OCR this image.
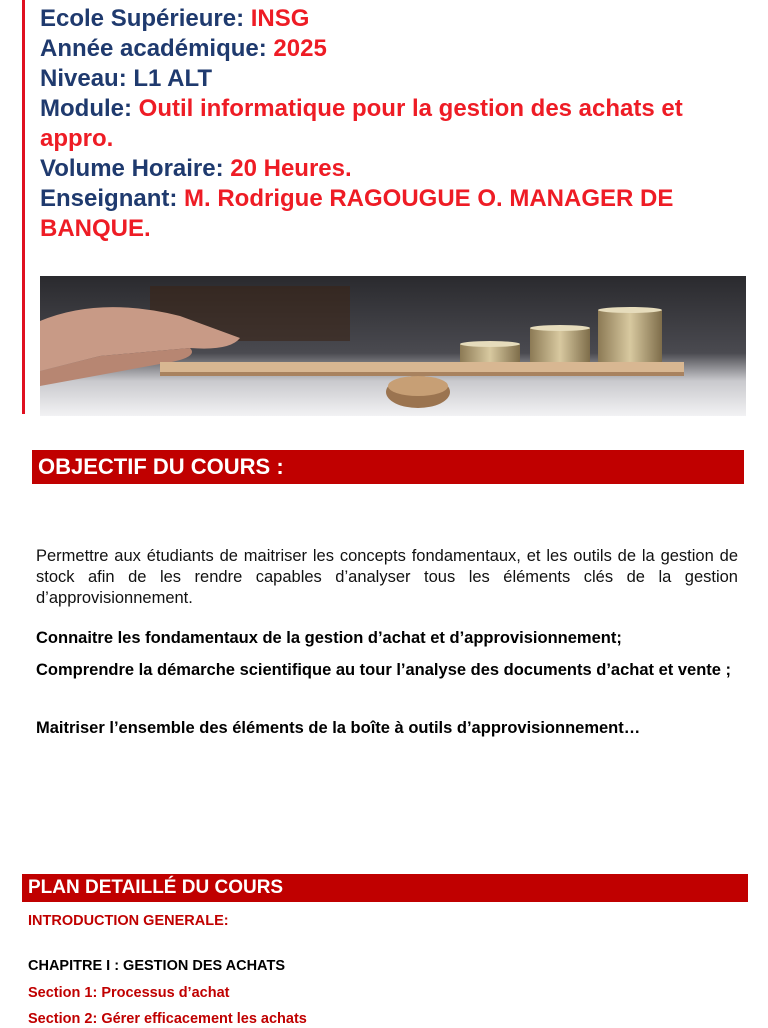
Ecole Supérieure: INSG
Année académique: 2025
Niveau: L1 ALT
Module: Outil informatique pour la gestion des achats et appro.
Volume Horaire: 20 Heures.
Enseignant: M. Rodrigue RAGOUGUE O. MANAGER DE BANQUE.
OBJECTIF DU COURS :
Permettre aux étudiants de maitriser les concepts fondamentaux, et les outils de la gestion de stock afin de les rendre capables d’analyser tous les éléments clés de la gestion d’approvisionnement.
Connaitre les fondamentaux de la gestion d’achat et d’approvisionnement;
Comprendre la démarche scientifique au tour l’analyse des documents d’achat et vente ;
Maitriser l’ensemble des éléments de la boîte à outils d’approvisionnement…
PLAN DETAILLÉ DU COURS
INTRODUCTION GENERALE:
CHAPITRE I : GESTION DES ACHATS
Section 1: Processus d’achat
Section 2: Gérer efficacement les achats
